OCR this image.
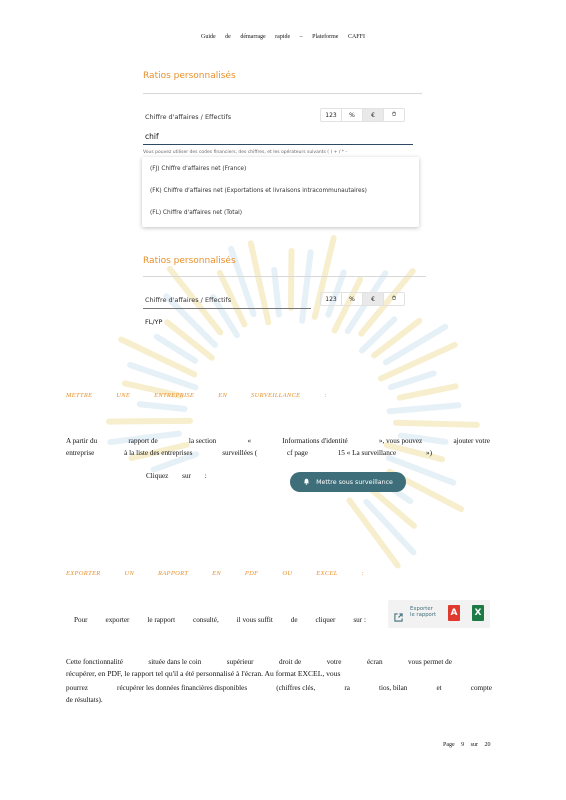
Guide de démarrage rapide – Plateforme CAFFI
Ratios personnalisés
Chiffre d'affaires / Effectifs	123	%	€	⏱
chif
Vous pouvez utiliser des codes financiers, des chiffres, et les opérateurs suivants ( ) + / * -
(FJ) Chiffre d'affaires net (France)
(FK) Chiffre d'affaires net (Exportations et livraisons intracommunautaires)
(FL) Chiffre d'affaires net (Total)
Ratios personnalisés
Chiffre d'affaires / Effectifs	123	%	€	⏱
FL/YP
METTRE UNE ENTREPRISE EN SURVEILLANCE :
A partir du	rapport de	la section	«	Informations d'identité	», vous pouvez	ajouter votre
entreprise	à la liste des entreprises	surveillées (	cf page	15 « La surveillance	»)
Cliquez sur :
Mettre sous surveillance
EXPORTER UN RAPPORT EN PDF OU EXCEL :
Pour exporter le rapport consulté, il vous suffit de cliquer sur :
Exporter
le rapport A X
Cette fonctionnalité	située dans le coin	supérieur	droit de	votre	écran	vous permet de
récupérer, en PDF, le rapport tel qu'il a été personnalisé à l'écran. Au format EXCEL, vous
pourrez	récupérer les données financières disponibles	(chiffres clés,	ra	tios, bilan	et	compte
de résultats).
Page 9 sur 20
